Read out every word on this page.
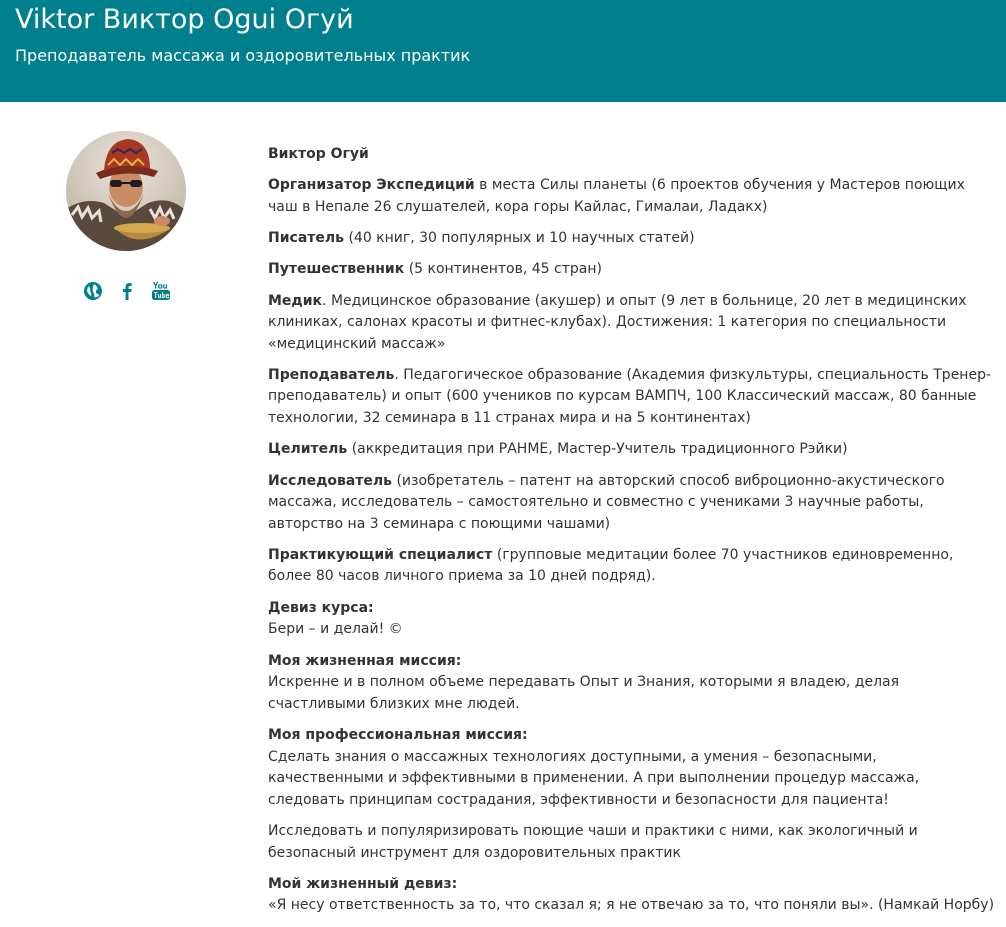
Viktor Виктор Ogui Огуй
Преподаватель массажа и оздоровительных практик

Виктор Огуй

Организатор Экспедиций в места Силы планеты (6 проектов обучения у Мастеров поющих чаш в Непале 26 слушателей, кора горы Кайлас, Гималаи, Ладакх)

Писатель (40 книг, 30 популярных и 10 научных статей)

Путешественник (5 континентов, 45 стран)

Медик. Медицинское образование (акушер) и опыт (9 лет в больнице, 20 лет в медицинских клиниках, салонах красоты и фитнес-клубах). Достижения: 1 категория по специальности «медицинский массаж»

Преподаватель. Педагогическое образование (Академия физкультуры, специальность Тренер-преподаватель) и опыт (600 учеников по курсам ВАМПЧ, 100 Классический массаж, 80 банные технологии, 32 семинара в 11 странах мира и на 5 континентах)

Целитель (аккредитация при РАНМЕ, Мастер-Учитель традиционного Рэйки)

Исследователь (изобретатель – патент на авторский способ виброционно-акустического массажа, исследователь – самостоятельно и совместно с учениками 3 научные работы, авторство на 3 семинара с поющими чашами)

Практикующий специалист (групповые медитации более 70 участников единовременно, более 80 часов личного приема за 10 дней подряд).

Девиз курса:
Бери – и делай! ©
Моя жизненная миссия:
Искренне и в полном объеме передавать Опыт и Знания, которыми я владею, делая счастливыми близких мне людей.
Моя профессиональная миссия:
Сделать знания о массажных технологиях доступными, а умения – безопасными, качественными и эффективными в применении. А при выполнении процедур массажа, следовать принципам сострадания, эффективности и безопасности для пациента!

Исследовать и популяризировать поющие чаши и практики с ними, как экологичный и безопасный инструмент для оздоровительных практик

Мой жизненный девиз:
«Я несу ответственность за то, что сказал я; я не отвечаю за то, что поняли вы». (Намкай Норбу)
